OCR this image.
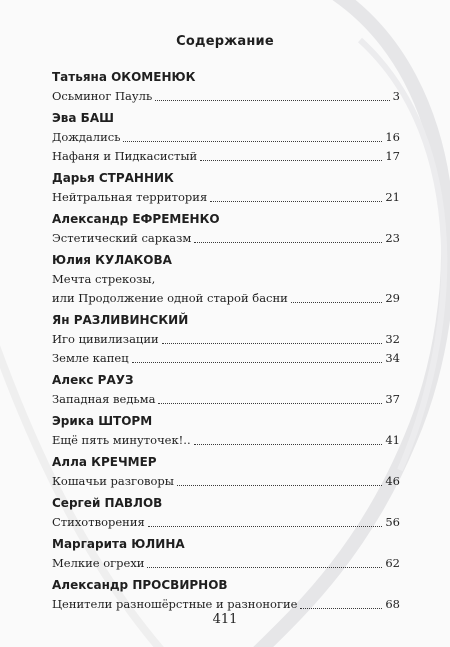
Содержание
Татьяна ОКОМЕНЮК
Осьминог Пауль	3
Эва БАШ
Дождались	16
Нафаня и Пидкасистый	17
Дарья СТРАННИК
Нейтральная территория	21
Александр ЕФРЕМЕНКО
Эстетический сарказм	23
Юлия КУЛАКОВА
Мечта стрекозы,
или Продолжение одной старой басни	29
Ян РАЗЛИВИНСКИЙ
Иго цивилизации	32
Земле капец	34
Алекс РАУЗ
Западная ведьма	37
Эрика ШТОРМ
Ещё пять минуточек!..	41
Алла КРЕЧМЕР
Кошачьи разговоры	46
Сергей ПАВЛОВ
Стихотворения	56
Маргарита ЮЛИНА
Мелкие огрехи	62
Александр ПРОСВИРНОВ
Ценители разношёрстные и разноногие	68
411
